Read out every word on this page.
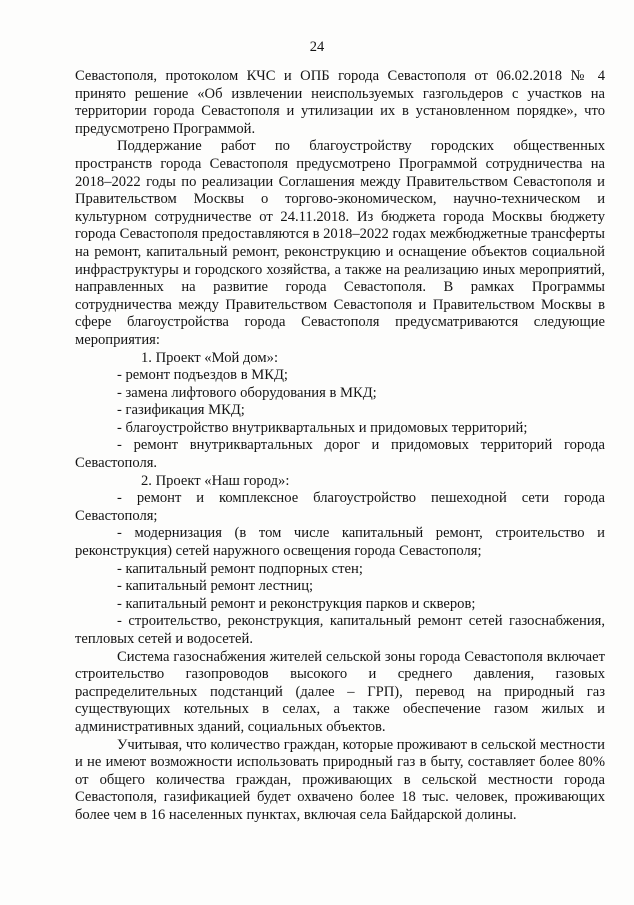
24

Севастополя, протоколом КЧС и ОПБ города Севастополя от 06.02.2018 № 4 принято решение «Об извлечении неиспользуемых газгольдеров с участков на территории города Севастополя и утилизации их в установленном порядке», что предусмотрено Программой.

Поддержание работ по благоустройству городских общественных пространств города Севастополя предусмотрено Программой сотрудничества на 2018–2022 годы по реализации Соглашения между Правительством Севастополя и Правительством Москвы о торгово-экономическом, научно-техническом и культурном сотрудничестве от 24.11.2018. Из бюджета города Москвы бюджету города Севастополя предоставляются в 2018–2022 годах межбюджетные трансферты на ремонт, капитальный ремонт, реконструкцию и оснащение объектов социальной инфраструктуры и городского хозяйства, а также на реализацию иных мероприятий, направленных на развитие города Севастополя. В рамках Программы сотрудничества между Правительством Севастополя и Правительством Москвы в сфере благоустройства города Севастополя предусматриваются следующие мероприятия:

1. Проект «Мой дом»:

- ремонт подъездов в МКД;

- замена лифтового оборудования в МКД;

- газификация МКД;

- благоустройство внутриквартальных и придомовых территорий;

- ремонт внутриквартальных дорог и придомовых территорий города Севастополя.

2. Проект «Наш город»:

- ремонт и комплексное благоустройство пешеходной сети города Севастополя;

- модернизация (в том числе капитальный ремонт, строительство и реконструкция) сетей наружного освещения города Севастополя;

- капитальный ремонт подпорных стен;

- капитальный ремонт лестниц;

- капитальный ремонт и реконструкция парков и скверов;

- строительство, реконструкция, капитальный ремонт сетей газоснабжения, тепловых сетей и водосетей.

Система газоснабжения жителей сельской зоны города Севастополя включает строительство газопроводов высокого и среднего давления, газовых распределительных подстанций (далее – ГРП), перевод на природный газ существующих котельных в селах, а также обеспечение газом жилых и административных зданий, социальных объектов.

Учитывая, что количество граждан, которые проживают в сельской местности и не имеют возможности использовать природный газ в быту, составляет более 80% от общего количества граждан, проживающих в сельской местности города Севастополя, газификацией будет охвачено более 18 тыс. человек, проживающих более чем в 16 населенных пунктах, включая села Байдарской долины.
